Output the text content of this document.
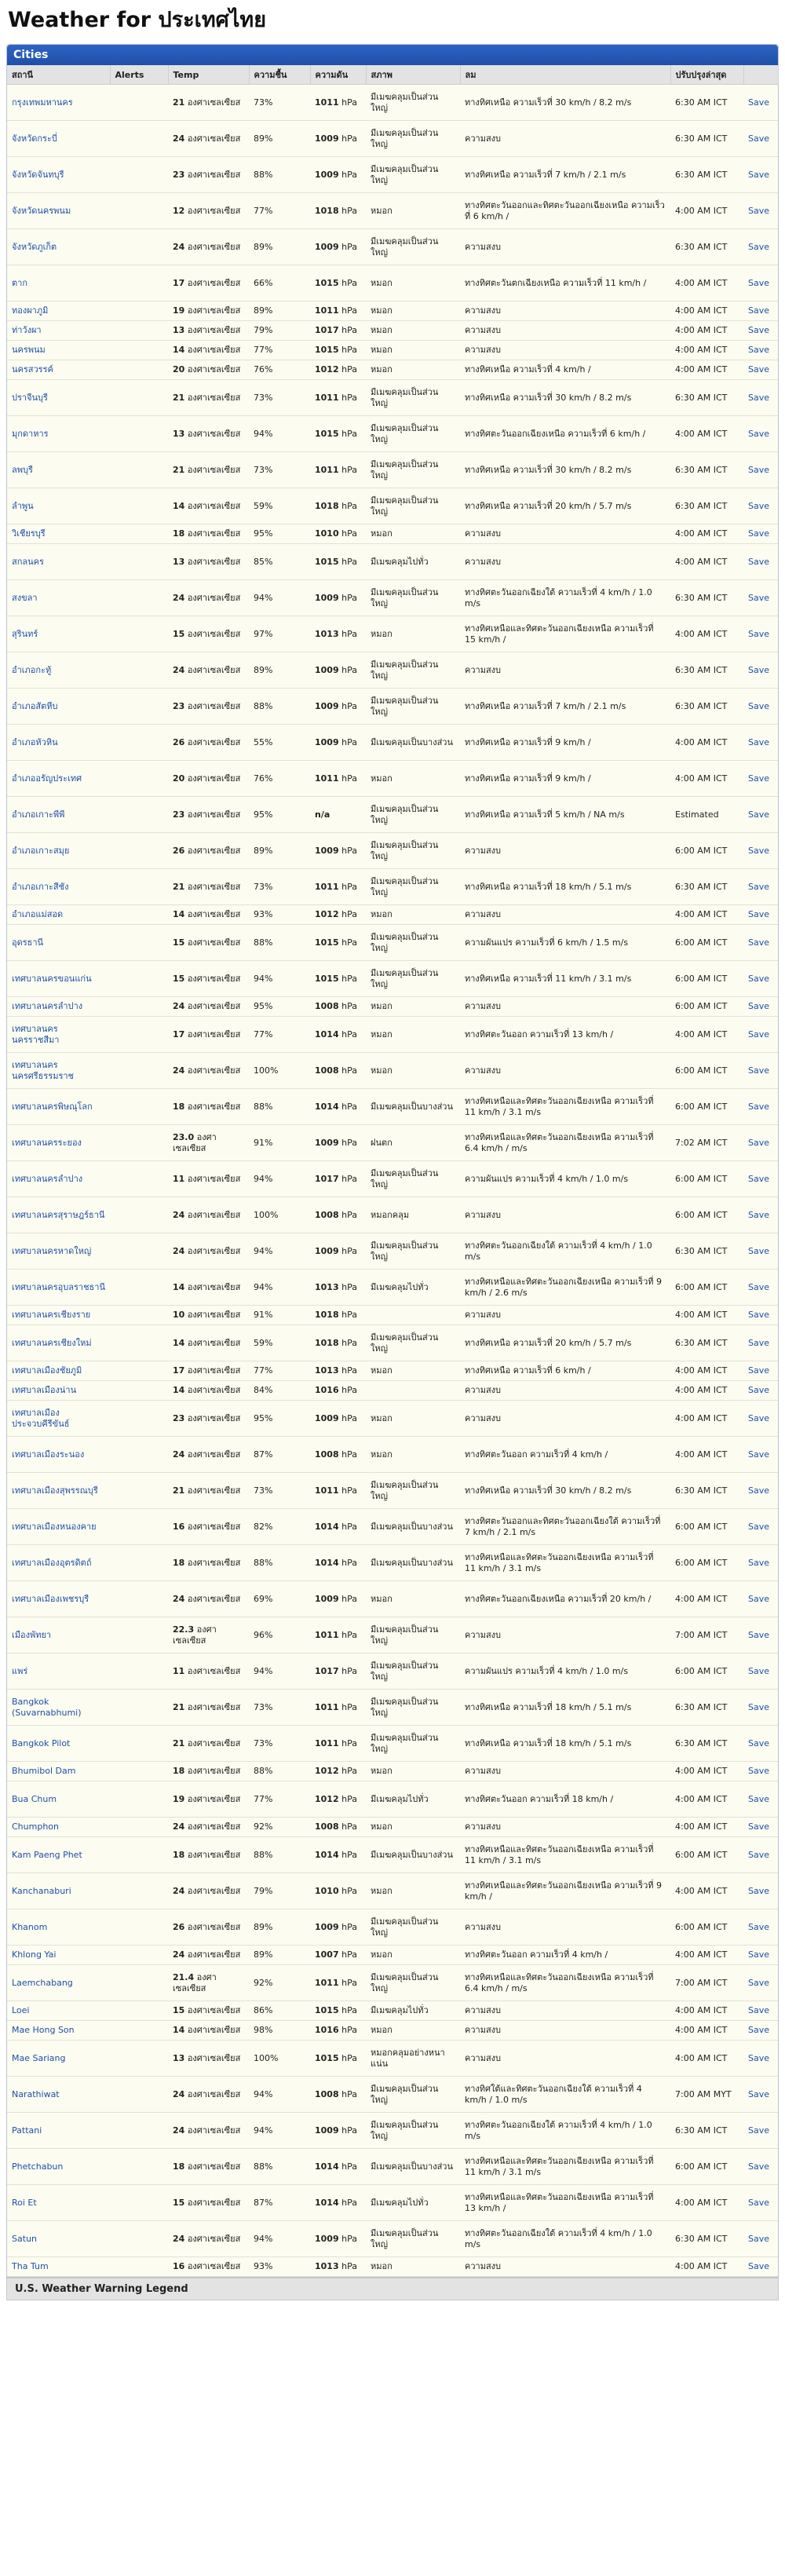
Weather for ประเทศไทย
Cities
สถานี	Alerts	Temp	ความชื้น	ความดัน	สภาพ	ลม	ปรับปรุงล่าสุด	
กรุงเทพมหานคร		21 องศาเซลเซียส	73%	1011 hPa	มีเมฆคลุมเป็นส่วนใหญ่	ทางทิศเหนือ ความเร็วที่ 30 km/h / 8.2 m/s	6:30 AM ICT	Save
จังหวัดกระบี่		24 องศาเซลเซียส	89%	1009 hPa	มีเมฆคลุมเป็นส่วนใหญ่	ความสงบ	6:30 AM ICT	Save
จังหวัดจันทบุรี		23 องศาเซลเซียส	88%	1009 hPa	มีเมฆคลุมเป็นส่วนใหญ่	ทางทิศเหนือ ความเร็วที่ 7 km/h / 2.1 m/s	6:30 AM ICT	Save
จังหวัดนครพนม		12 องศาเซลเซียส	77%	1018 hPa	หมอก	ทางทิศตะวันออกและทิศตะวันออกเฉียงเหนือ ความเร็วที่ 6 km/h /	4:00 AM ICT	Save
จังหวัดภูเก็ต		24 องศาเซลเซียส	89%	1009 hPa	มีเมฆคลุมเป็นส่วนใหญ่	ความสงบ	6:30 AM ICT	Save
ตาก		17 องศาเซลเซียส	66%	1015 hPa	หมอก	ทางทิศตะวันตกเฉียงเหนือ ความเร็วที่ 11 km/h /	4:00 AM ICT	Save
ทองผาภูมิ		19 องศาเซลเซียส	89%	1011 hPa	หมอก	ความสงบ	4:00 AM ICT	Save
ท่าวังผา		13 องศาเซลเซียส	79%	1017 hPa	หมอก	ความสงบ	4:00 AM ICT	Save
นครพนม		14 องศาเซลเซียส	77%	1015 hPa	หมอก	ความสงบ	4:00 AM ICT	Save
นครสวรรค์		20 องศาเซลเซียส	76%	1012 hPa	หมอก	ทางทิศเหนือ ความเร็วที่ 4 km/h /	4:00 AM ICT	Save
ปราจีนบุรี		21 องศาเซลเซียส	73%	1011 hPa	มีเมฆคลุมเป็นส่วนใหญ่	ทางทิศเหนือ ความเร็วที่ 30 km/h / 8.2 m/s	6:30 AM ICT	Save
มุกดาหาร		13 องศาเซลเซียส	94%	1015 hPa	มีเมฆคลุมเป็นส่วนใหญ่	ทางทิศตะวันออกเฉียงเหนือ ความเร็วที่ 6 km/h /	4:00 AM ICT	Save
ลพบุรี		21 องศาเซลเซียส	73%	1011 hPa	มีเมฆคลุมเป็นส่วนใหญ่	ทางทิศเหนือ ความเร็วที่ 30 km/h / 8.2 m/s	6:30 AM ICT	Save
ลำพูน		14 องศาเซลเซียส	59%	1018 hPa	มีเมฆคลุมเป็นส่วนใหญ่	ทางทิศเหนือ ความเร็วที่ 20 km/h / 5.7 m/s	6:30 AM ICT	Save
วิเชียรบุรี		18 องศาเซลเซียส	95%	1010 hPa	หมอก	ความสงบ	4:00 AM ICT	Save
สกลนคร		13 องศาเซลเซียส	85%	1015 hPa	มีเมฆคลุมไปทั่ว	ความสงบ	4:00 AM ICT	Save
สงขลา		24 องศาเซลเซียส	94%	1009 hPa	มีเมฆคลุมเป็นส่วนใหญ่	ทางทิศตะวันออกเฉียงใต้ ความเร็วที่ 4 km/h / 1.0 m/s	6:30 AM ICT	Save
สุรินทร์		15 องศาเซลเซียส	97%	1013 hPa	หมอก	ทางทิศเหนือและทิศตะวันออกเฉียงเหนือ ความเร็วที่ 15 km/h /	4:00 AM ICT	Save
อำเภอกะทู้		24 องศาเซลเซียส	89%	1009 hPa	มีเมฆคลุมเป็นส่วนใหญ่	ความสงบ	6:30 AM ICT	Save
อำเภอสัตหีบ		23 องศาเซลเซียส	88%	1009 hPa	มีเมฆคลุมเป็นส่วนใหญ่	ทางทิศเหนือ ความเร็วที่ 7 km/h / 2.1 m/s	6:30 AM ICT	Save
อำเภอหัวหิน		26 องศาเซลเซียส	55%	1009 hPa	มีเมฆคลุมเป็นบางส่วน	ทางทิศเหนือ ความเร็วที่ 9 km/h /	4:00 AM ICT	Save
อำเภออรัญประเทศ		20 องศาเซลเซียส	76%	1011 hPa	หมอก	ทางทิศเหนือ ความเร็วที่ 9 km/h /	4:00 AM ICT	Save
อำเภอเกาะพีพี		23 องศาเซลเซียส	95%	n/a	มีเมฆคลุมเป็นส่วนใหญ่	ทางทิศเหนือ ความเร็วที่ 5 km/h / NA m/s	Estimated	Save
อำเภอเกาะสมุย		26 องศาเซลเซียส	89%	1009 hPa	มีเมฆคลุมเป็นส่วนใหญ่	ความสงบ	6:00 AM ICT	Save
อำเภอเกาะสีชัง		21 องศาเซลเซียส	73%	1011 hPa	มีเมฆคลุมเป็นส่วนใหญ่	ทางทิศเหนือ ความเร็วที่ 18 km/h / 5.1 m/s	6:30 AM ICT	Save
อำเภอแม่สอด		14 องศาเซลเซียส	93%	1012 hPa	หมอก	ความสงบ	4:00 AM ICT	Save
อุดรธานี		15 องศาเซลเซียส	88%	1015 hPa	มีเมฆคลุมเป็นส่วนใหญ่	ความผันแปร ความเร็วที่ 6 km/h / 1.5 m/s	6:00 AM ICT	Save
เทศบาลนครขอนแก่น		15 องศาเซลเซียส	94%	1015 hPa	มีเมฆคลุมเป็นส่วนใหญ่	ทางทิศเหนือ ความเร็วที่ 11 km/h / 3.1 m/s	6:00 AM ICT	Save
เทศบาลนครลำปาง		24 องศาเซลเซียส	95%	1008 hPa	หมอก	ความสงบ	6:00 AM ICT	Save
เทศบาลนครนครราชสีมา		17 องศาเซลเซียส	77%	1014 hPa	หมอก	ทางทิศตะวันออก ความเร็วที่ 13 km/h /	4:00 AM ICT	Save
เทศบาลนครนครศรีธรรมราช		24 องศาเซลเซียส	100%	1008 hPa	หมอก	ความสงบ	6:00 AM ICT	Save
เทศบาลนครพิษณุโลก		18 องศาเซลเซียส	88%	1014 hPa	มีเมฆคลุมเป็นบางส่วน	ทางทิศเหนือและทิศตะวันออกเฉียงเหนือ ความเร็วที่ 11 km/h / 3.1 m/s	6:00 AM ICT	Save
เทศบาลนครระยอง		23.0 องศาเซลเซียส	91%	1009 hPa	ฝนตก	ทางทิศเหนือและทิศตะวันออกเฉียงเหนือ ความเร็วที่ 6.4 km/h / m/s	7:02 AM ICT	Save
เทศบาลนครลำปาง		11 องศาเซลเซียส	94%	1017 hPa	มีเมฆคลุมเป็นส่วนใหญ่	ความผันแปร ความเร็วที่ 4 km/h / 1.0 m/s	6:00 AM ICT	Save
เทศบาลนครสุราษฎร์ธานี		24 องศาเซลเซียส	100%	1008 hPa	หมอกคลุม	ความสงบ	6:00 AM ICT	Save
เทศบาลนครหาดใหญ่		24 องศาเซลเซียส	94%	1009 hPa	มีเมฆคลุมเป็นส่วนใหญ่	ทางทิศตะวันออกเฉียงใต้ ความเร็วที่ 4 km/h / 1.0 m/s	6:30 AM ICT	Save
เทศบาลนครอุบลราชธานี		14 องศาเซลเซียส	94%	1013 hPa	มีเมฆคลุมไปทั่ว	ทางทิศเหนือและทิศตะวันออกเฉียงเหนือ ความเร็วที่ 9 km/h / 2.6 m/s	6:00 AM ICT	Save
เทศบาลนครเชียงราย		10 องศาเซลเซียส	91%	1018 hPa		ความสงบ	4:00 AM ICT	Save
เทศบาลนครเชียงใหม่		14 องศาเซลเซียส	59%	1018 hPa	มีเมฆคลุมเป็นส่วนใหญ่	ทางทิศเหนือ ความเร็วที่ 20 km/h / 5.7 m/s	6:30 AM ICT	Save
เทศบาลเมืองชัยภูมิ		17 องศาเซลเซียส	77%	1013 hPa	หมอก	ทางทิศเหนือ ความเร็วที่ 6 km/h /	4:00 AM ICT	Save
เทศบาลเมืองน่าน		14 องศาเซลเซียส	84%	1016 hPa		ความสงบ	4:00 AM ICT	Save
เทศบาลเมืองประจวบคีรีขันธ์		23 องศาเซลเซียส	95%	1009 hPa	หมอก	ความสงบ	4:00 AM ICT	Save
เทศบาลเมืองระนอง		24 องศาเซลเซียส	87%	1008 hPa	หมอก	ทางทิศตะวันออก ความเร็วที่ 4 km/h /	4:00 AM ICT	Save
เทศบาลเมืองสุพรรณบุรี		21 องศาเซลเซียส	73%	1011 hPa	มีเมฆคลุมเป็นส่วนใหญ่	ทางทิศเหนือ ความเร็วที่ 30 km/h / 8.2 m/s	6:30 AM ICT	Save
เทศบาลเมืองหนองคาย		16 องศาเซลเซียส	82%	1014 hPa	มีเมฆคลุมเป็นบางส่วน	ทางทิศตะวันออกและทิศตะวันออกเฉียงใต้ ความเร็วที่ 7 km/h / 2.1 m/s	6:00 AM ICT	Save
เทศบาลเมืองอุตรดิตถ์		18 องศาเซลเซียส	88%	1014 hPa	มีเมฆคลุมเป็นบางส่วน	ทางทิศเหนือและทิศตะวันออกเฉียงเหนือ ความเร็วที่ 11 km/h / 3.1 m/s	6:00 AM ICT	Save
เทศบาลเมืองเพชรบุรี		24 องศาเซลเซียส	69%	1009 hPa	หมอก	ทางทิศตะวันออกเฉียงเหนือ ความเร็วที่ 20 km/h /	4:00 AM ICT	Save
เมืองพัทยา		22.3 องศาเซลเซียส	96%	1011 hPa	มีเมฆคลุมเป็นส่วนใหญ่	ความสงบ	7:00 AM ICT	Save
แพร่		11 องศาเซลเซียส	94%	1017 hPa	มีเมฆคลุมเป็นส่วนใหญ่	ความผันแปร ความเร็วที่ 4 km/h / 1.0 m/s	6:00 AM ICT	Save
Bangkok (Suvarnabhumi)		21 องศาเซลเซียส	73%	1011 hPa	มีเมฆคลุมเป็นส่วนใหญ่	ทางทิศเหนือ ความเร็วที่ 18 km/h / 5.1 m/s	6:30 AM ICT	Save
Bangkok Pilot		21 องศาเซลเซียส	73%	1011 hPa	มีเมฆคลุมเป็นส่วนใหญ่	ทางทิศเหนือ ความเร็วที่ 18 km/h / 5.1 m/s	6:30 AM ICT	Save
Bhumibol Dam		18 องศาเซลเซียส	88%	1012 hPa	หมอก	ความสงบ	4:00 AM ICT	Save
Bua Chum		19 องศาเซลเซียส	77%	1012 hPa	มีเมฆคลุมไปทั่ว	ทางทิศตะวันออก ความเร็วที่ 18 km/h /	4:00 AM ICT	Save
Chumphon		24 องศาเซลเซียส	92%	1008 hPa	หมอก	ความสงบ	4:00 AM ICT	Save
Kam Paeng Phet		18 องศาเซลเซียส	88%	1014 hPa	มีเมฆคลุมเป็นบางส่วน	ทางทิศเหนือและทิศตะวันออกเฉียงเหนือ ความเร็วที่ 11 km/h / 3.1 m/s	6:00 AM ICT	Save
Kanchanaburi		24 องศาเซลเซียส	79%	1010 hPa	หมอก	ทางทิศเหนือและทิศตะวันออกเฉียงเหนือ ความเร็วที่ 9 km/h /	4:00 AM ICT	Save
Khanom		26 องศาเซลเซียส	89%	1009 hPa	มีเมฆคลุมเป็นส่วนใหญ่	ความสงบ	6:00 AM ICT	Save
Khlong Yai		24 องศาเซลเซียส	89%	1007 hPa	หมอก	ทางทิศตะวันออก ความเร็วที่ 4 km/h /	4:00 AM ICT	Save
Laemchabang		21.4 องศาเซลเซียส	92%	1011 hPa	มีเมฆคลุมเป็นส่วนใหญ่	ทางทิศเหนือและทิศตะวันออกเฉียงเหนือ ความเร็วที่ 6.4 km/h / m/s	7:00 AM ICT	Save
Loei		15 องศาเซลเซียส	86%	1015 hPa	มีเมฆคลุมไปทั่ว	ความสงบ	4:00 AM ICT	Save
Mae Hong Son		14 องศาเซลเซียส	98%	1016 hPa	หมอก	ความสงบ	4:00 AM ICT	Save
Mae Sariang		13 องศาเซลเซียส	100%	1015 hPa	หมอกคลุมอย่างหนาแน่น	ความสงบ	4:00 AM ICT	Save
Narathiwat		24 องศาเซลเซียส	94%	1008 hPa	มีเมฆคลุมเป็นส่วนใหญ่	ทางทิศใต้และทิศตะวันออกเฉียงใต้ ความเร็วที่ 4 km/h / 1.0 m/s	7:00 AM MYT	Save
Pattani		24 องศาเซลเซียส	94%	1009 hPa	มีเมฆคลุมเป็นส่วนใหญ่	ทางทิศตะวันออกเฉียงใต้ ความเร็วที่ 4 km/h / 1.0 m/s	6:30 AM ICT	Save
Phetchabun		18 องศาเซลเซียส	88%	1014 hPa	มีเมฆคลุมเป็นบางส่วน	ทางทิศเหนือและทิศตะวันออกเฉียงเหนือ ความเร็วที่ 11 km/h / 3.1 m/s	6:00 AM ICT	Save
Roi Et		15 องศาเซลเซียส	87%	1014 hPa	มีเมฆคลุมไปทั่ว	ทางทิศเหนือและทิศตะวันออกเฉียงเหนือ ความเร็วที่ 13 km/h /	4:00 AM ICT	Save
Satun		24 องศาเซลเซียส	94%	1009 hPa	มีเมฆคลุมเป็นส่วนใหญ่	ทางทิศตะวันออกเฉียงใต้ ความเร็วที่ 4 km/h / 1.0 m/s	6:30 AM ICT	Save
Tha Tum		16 องศาเซลเซียส	93%	1013 hPa	หมอก	ความสงบ	4:00 AM ICT	Save
U.S. Weather Warning Legend
